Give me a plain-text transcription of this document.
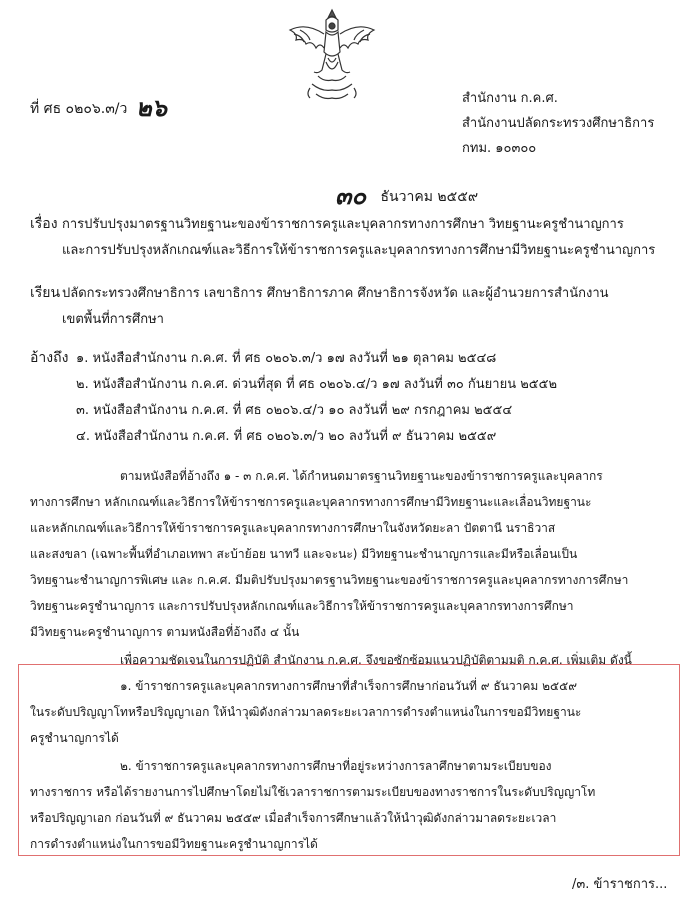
ที่ ศธ ๐๒๐๖.๓/ว ๒๖	สำนักงาน ก.ค.ศ.
สำนักงานปลัดกระทรวงศึกษาธิการ
กทม. ๑๐๓๐๐
๓๐ ธันวาคม ๒๕๕๙
เรื่อง การปรับปรุงมาตรฐานวิทยฐานะของข้าราชการครูและบุคลากรทางการศึกษา วิทยฐานะครูชำนาญการ
และการปรับปรุงหลักเกณฑ์และวิธีการให้ข้าราชการครูและบุคลากรทางการศึกษามีวิทยฐานะครูชำนาญการ
เรียน ปลัดกระทรวงศึกษาธิการ เลขาธิการ ศึกษาธิการภาค ศึกษาธิการจังหวัด และผู้อำนวยการสำนักงาน
เขตพื้นที่การศึกษา
อ้างถึง ๑. หนังสือสำนักงาน ก.ค.ศ. ที่ ศธ ๐๒๐๖.๓/ว ๑๗ ลงวันที่ ๒๑ ตุลาคม ๒๕๔๘
๒. หนังสือสำนักงาน ก.ค.ศ. ด่วนที่สุด ที่ ศธ ๐๒๐๖.๔/ว ๑๗ ลงวันที่ ๓๐ กันยายน ๒๕๕๒
๓. หนังสือสำนักงาน ก.ค.ศ. ที่ ศธ ๐๒๐๖.๔/ว ๑๐ ลงวันที่ ๒๙ กรกฎาคม ๒๕๕๔
๔. หนังสือสำนักงาน ก.ค.ศ. ที่ ศธ ๐๒๐๖.๓/ว ๒๐ ลงวันที่ ๙ ธันวาคม ๒๕๕๙
ตามหนังสือที่อ้างถึง ๑ - ๓ ก.ค.ศ. ได้กำหนดมาตรฐานวิทยฐานะของข้าราชการครูและบุคลากร
ทางการศึกษา หลักเกณฑ์และวิธีการให้ข้าราชการครูและบุคลากรทางการศึกษามีวิทยฐานะและเลื่อนวิทยฐานะ
และหลักเกณฑ์และวิธีการให้ข้าราชการครูและบุคลากรทางการศึกษาในจังหวัดยะลา ปัตตานี นราธิวาส
และสงขลา (เฉพาะพื้นที่อำเภอเทพา สะบ้าย้อย นาทวี และจะนะ) มีวิทยฐานะชำนาญการและมีหรือเลื่อนเป็น
วิทยฐานะชำนาญการพิเศษ และ ก.ค.ศ. มีมติปรับปรุงมาตรฐานวิทยฐานะของข้าราชการครูและบุคลากรทางการศึกษา
วิทยฐานะครูชำนาญการ และการปรับปรุงหลักเกณฑ์และวิธีการให้ข้าราชการครูและบุคลากรทางการศึกษา
มีวิทยฐานะครูชำนาญการ ตามหนังสือที่อ้างถึง ๔ นั้น
เพื่อความชัดเจนในการปฏิบัติ สำนักงาน ก.ค.ศ. จึงขอซักซ้อมแนวปฏิบัติตามมติ ก.ค.ศ. เพิ่มเติม ดังนี้
๑. ข้าราชการครูและบุคลากรทางการศึกษาที่สำเร็จการศึกษาก่อนวันที่ ๙ ธันวาคม ๒๕๕๙
ในระดับปริญญาโทหรือปริญญาเอก ให้นำวุฒิดังกล่าวมาลดระยะเวลาการดำรงตำแหน่งในการขอมีวิทยฐานะ
ครูชำนาญการได้
๒. ข้าราชการครูและบุคลากรทางการศึกษาที่อยู่ระหว่างการลาศึกษาตามระเบียบของ
ทางราชการ หรือได้รายงานการไปศึกษาโดยไม่ใช้เวลาราชการตามระเบียบของทางราชการในระดับปริญญาโท
หรือปริญญาเอก ก่อนวันที่ ๙ ธันวาคม ๒๕๕๙ เมื่อสำเร็จการศึกษาแล้วให้นำวุฒิดังกล่าวมาลดระยะเวลา
การดำรงตำแหน่งในการขอมีวิทยฐานะครูชำนาญการได้
/๓. ข้าราชการ...
